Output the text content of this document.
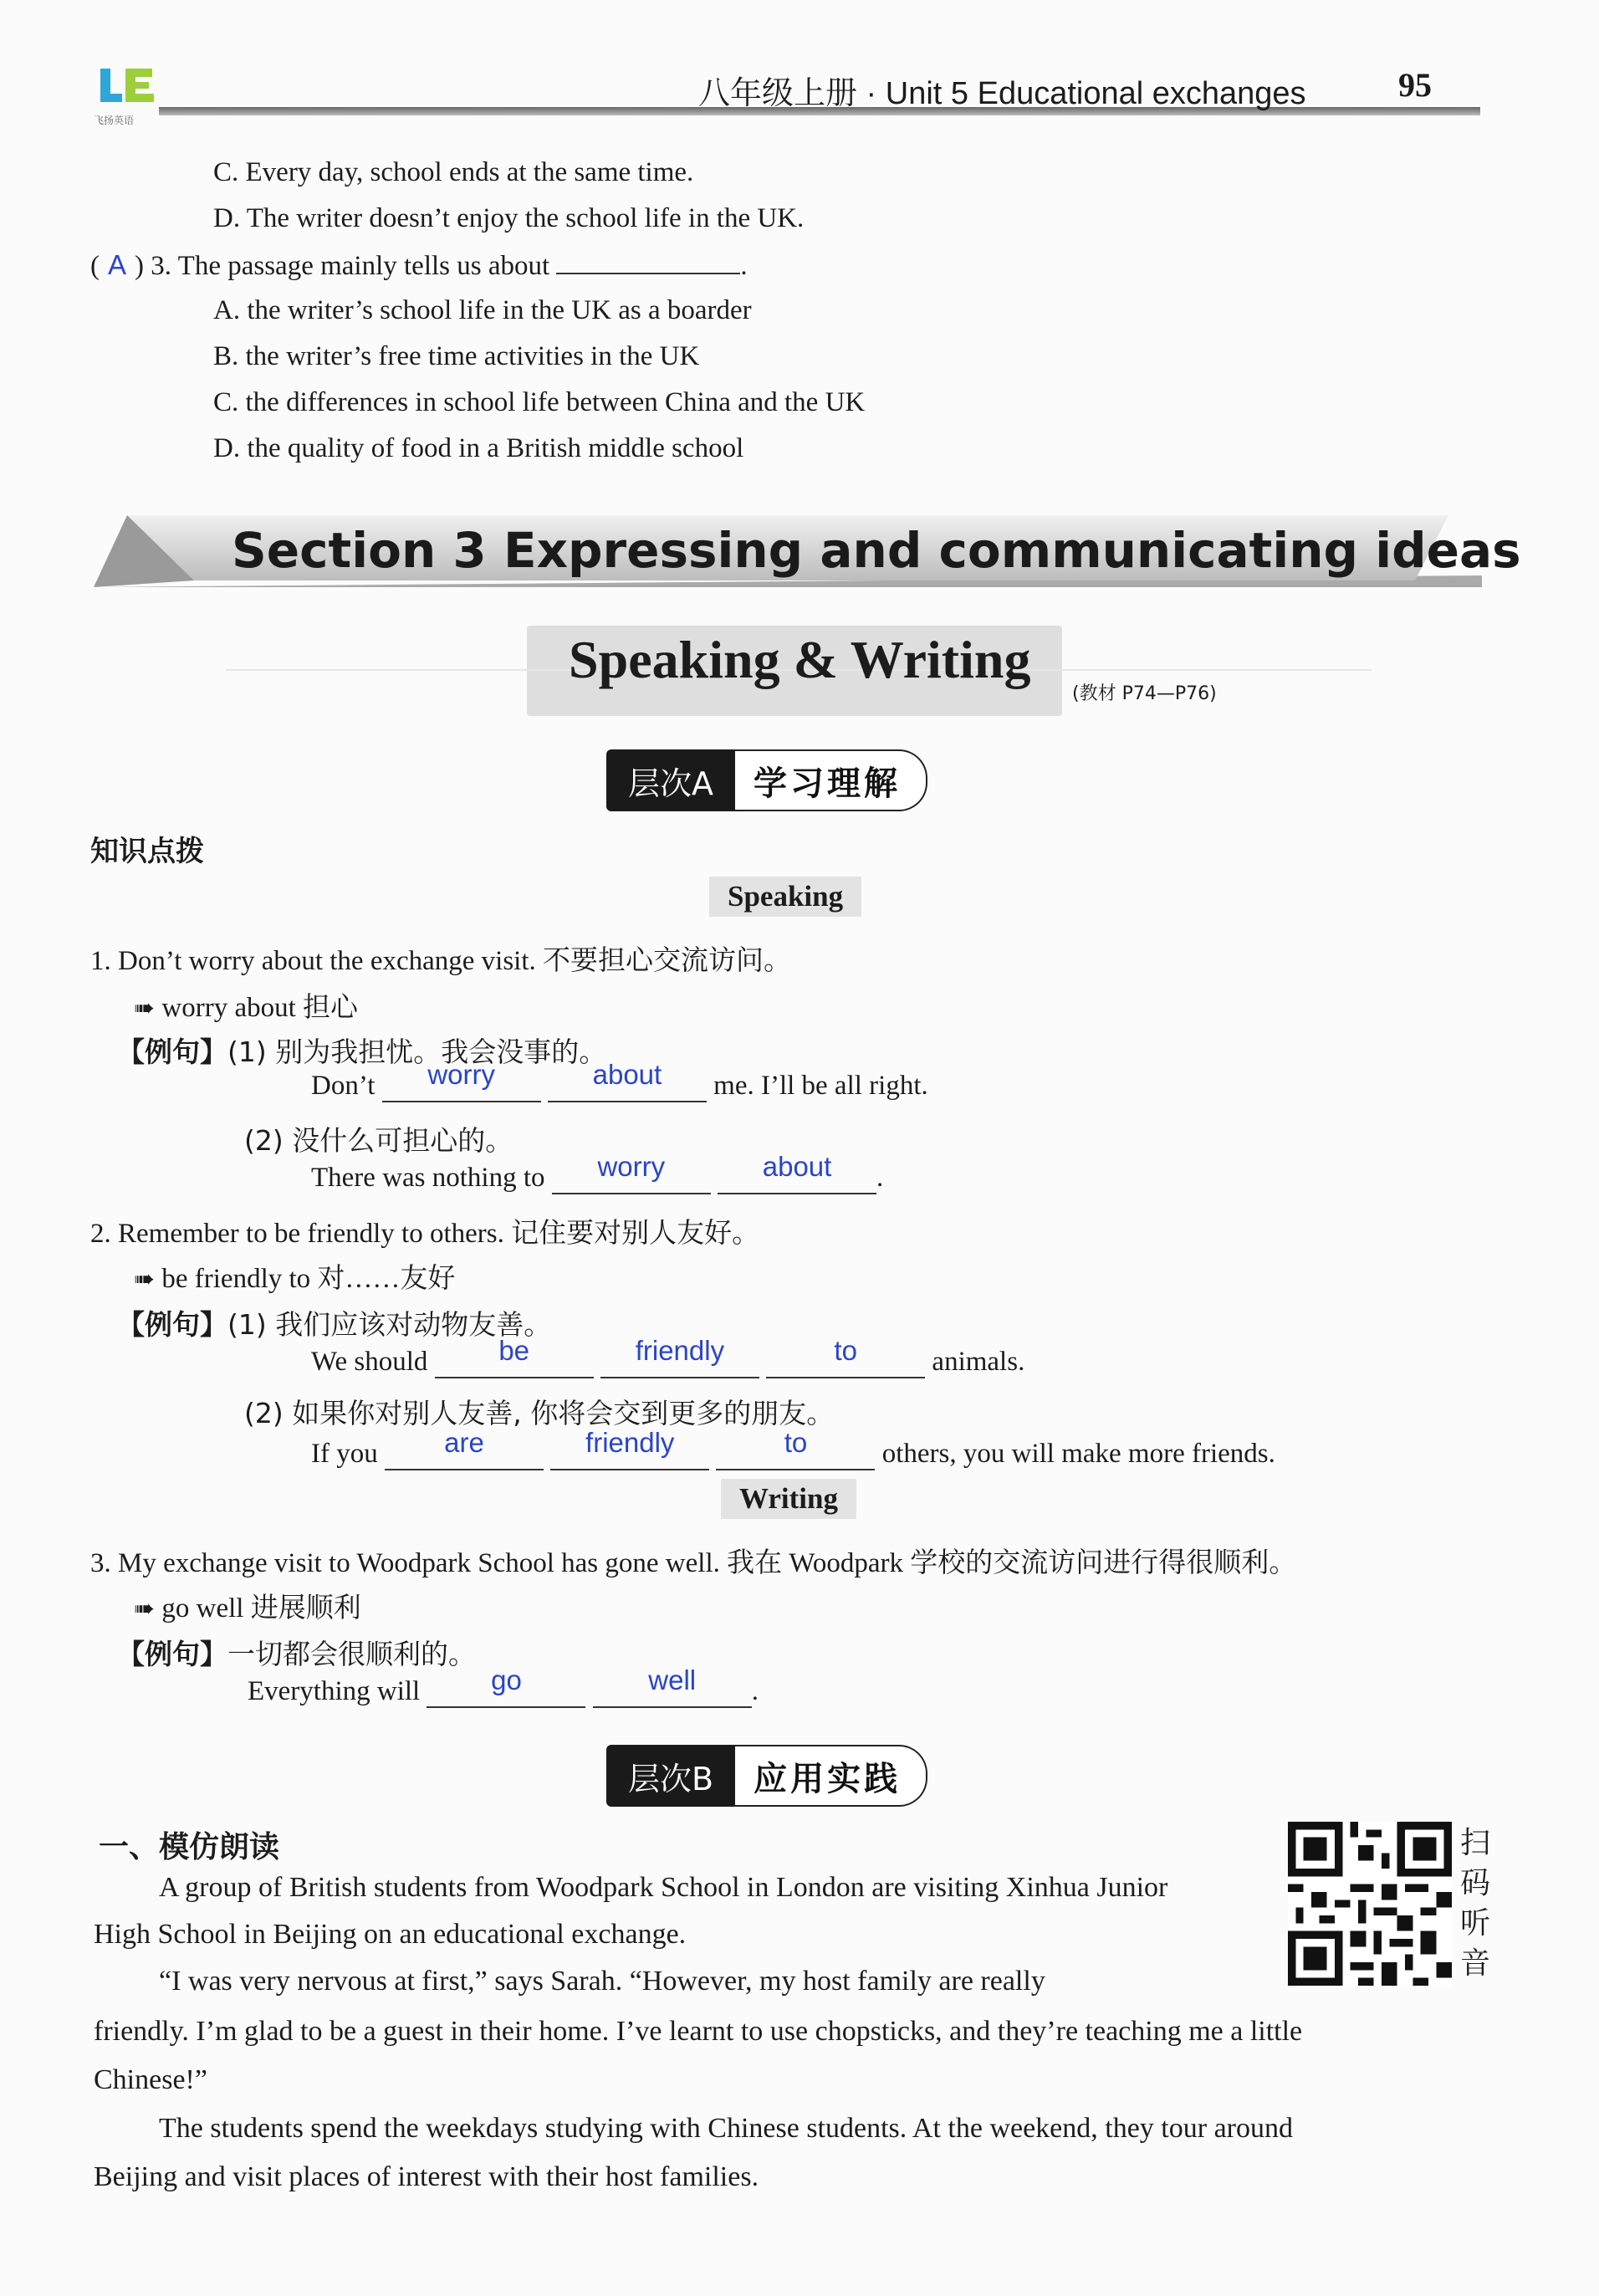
飞扬英语
八年级上册 · Unit 5 Educational exchanges	95
C. Every day, school ends at the same time.
D. The writer doesn’t enjoy the school life in the UK.
( A ) 3. The passage mainly tells us about	.
A. the writer’s school life in the UK as a boarder
B. the writer’s free time activities in the UK
C. the differences in school life between China and the UK
D. the quality of food in a British middle school
Section 3 Expressing and communicating ideas
Speaking & Writing
(教材 P74—P76)
层次A	学习理解
知识点拨
Speaking
1. Don’t worry about the exchange visit. 不要担心交流访问。
➠ worry about 担心
【例句】(1) 别为我担忧。我会没事的。
Don’t worry	about me. I’ll be all right.
(2) 没什么可担心的。
There was nothing to worry	about .
2. Remember to be friendly to others. 记住要对别人友好。
➠ be friendly to 对……友好
【例句】(1) 我们应该对动物友善。
We should	be	friendly	to	animals.
(2) 如果你对别人友善, 你将会交到更多的朋友。
If you are	friendly	to	others, you will make more friends.
Writing
3. My exchange visit to Woodpark School has gone well. 我在 Woodpark 学校的交流访问进行得很顺利。
➠ go well 进展顺利
【例句】一切都会很顺利的。
Everything will	go	well .
层次B	应用实践
一、模仿朗读	扫码听音
A group of British students from Woodpark School in London are visiting Xinhua Junior
High School in Beijing on an educational exchange.
“I was very nervous at first,” says Sarah. “However, my host family are really
friendly. I’m glad to be a guest in their home. I’ve learnt to use chopsticks, and they’re teaching me a little
Chinese!”
The students spend the weekdays studying with Chinese students. At the weekend, they tour around
Beijing and visit places of interest with their host families.
